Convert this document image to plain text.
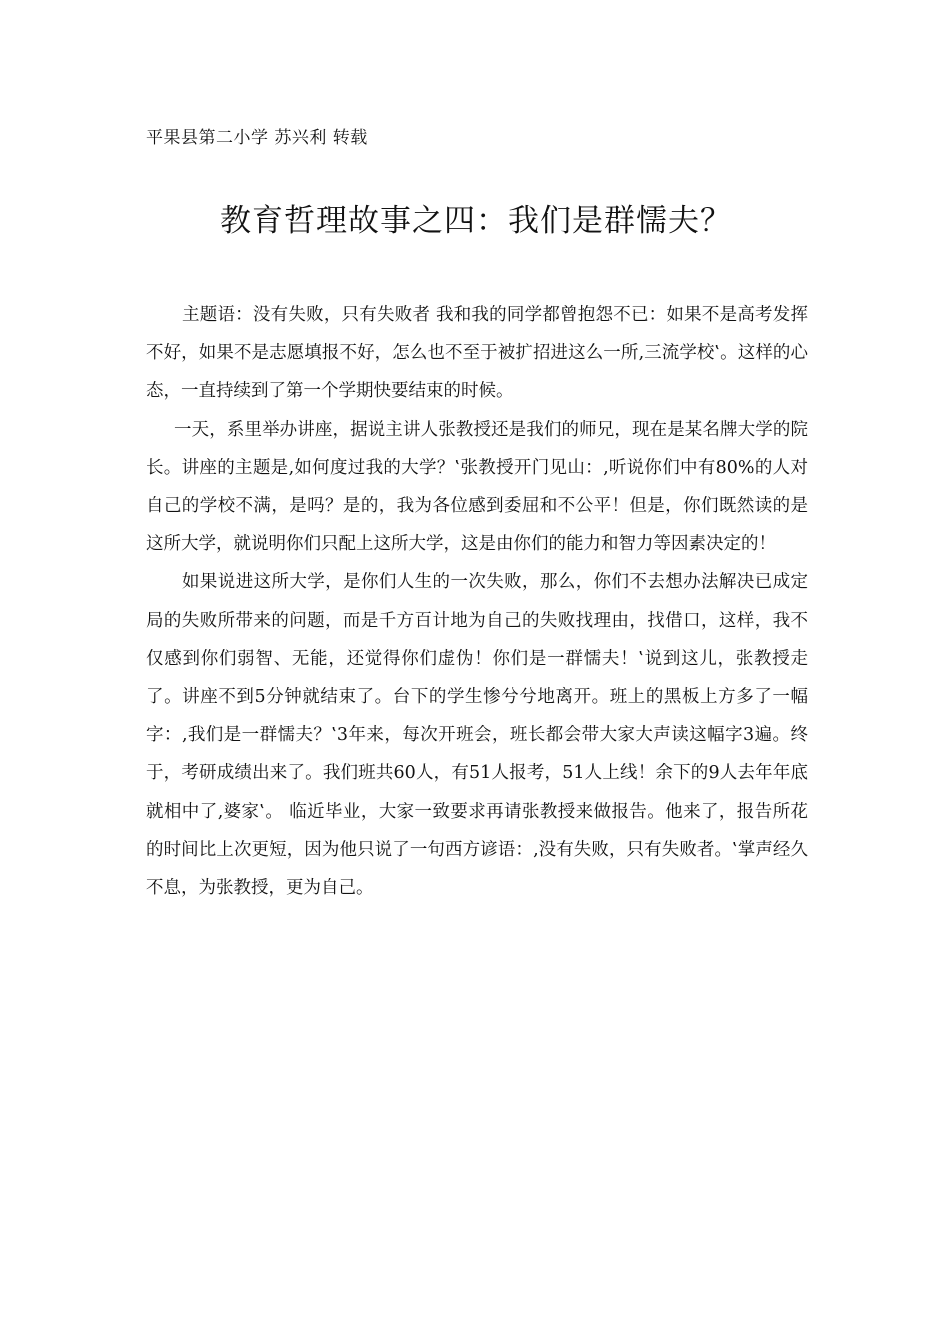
平果县第二小学 苏兴利 转载
教育哲理故事之四：我们是群懦夫？

主题语：没有失败，只有失败者 我和我的同学都曾抱怨不已：如果不是高考发挥不好，如果不是志愿填报不好，怎么也不至于被扩招进这么一所‚三流学校‛。这样的心态，一直持续到了第一个学期快要结束的时候。

一天，系里举办讲座，据说主讲人张教授还是我们的师兄，现在是某名牌大学的院长。讲座的主题是‚如何度过我的大学？‛张教授开门见山：‚听说你们中有80%的人对自己的学校不满，是吗？是的，我为各位感到委屈和不公平！但是，你们既然读的是这所大学，就说明你们只配上这所大学，这是由你们的能力和智力等因素决定的！

如果说进这所大学，是你们人生的一次失败，那么，你们不去想办法解决已成定局的失败所带来的问题，而是千方百计地为自己的失败找理由，找借口，这样，我不仅感到你们弱智、无能，还觉得你们虚伪！你们是一群懦夫！‛说到这儿，张教授走了。讲座不到5分钟就结束了。台下的学生惨兮兮地离开。班上的黑板上方多了一幅字：‚我们是一群懦夫？‛3年来，每次开班会，班长都会带大家大声读这幅字3遍。终于，考研成绩出来了。我们班共60人，有51人报考，51人上线！余下的9人去年年底就相中了‚婆家‛。 临近毕业，大家一致要求再请张教授来做报告。他来了，报告所花的时间比上次更短，因为他只说了一句西方谚语：‚没有失败，只有失败者。‛掌声经久不息，为张教授，更为自己。
